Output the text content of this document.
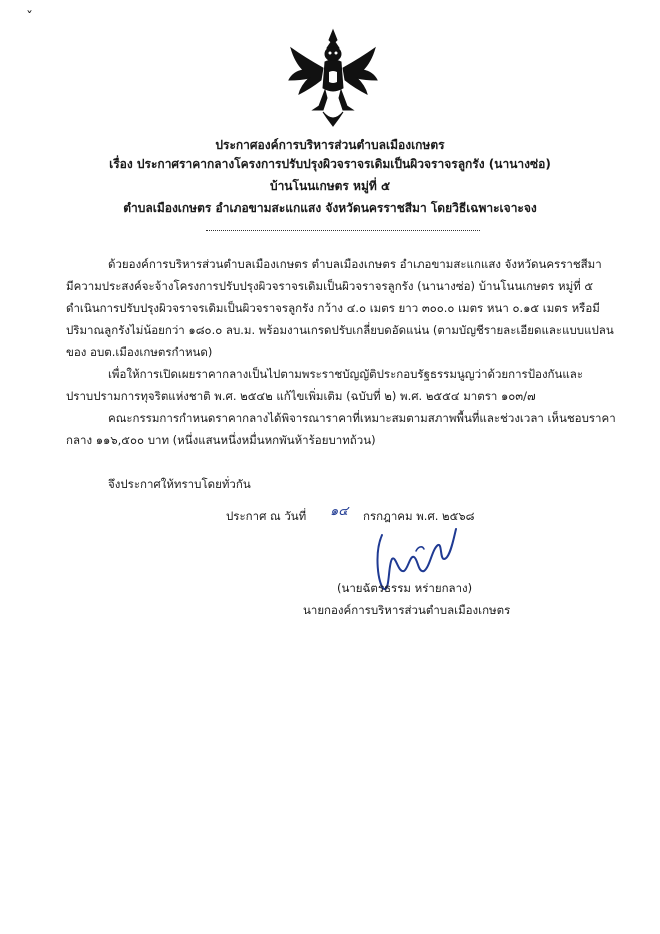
ˇ
ประกาศองค์การบริหารส่วนตำบลเมืองเกษตร
เรื่อง ประกาศราคากลางโครงการปรับปรุงผิวจราจรเดิมเป็นผิวจราจรลูกรัง (นานางซ่อ)
บ้านโนนเกษตร หมู่ที่ ๕
ตำบลเมืองเกษตร อำเภอขามสะแกแสง จังหวัดนครราชสีมา โดยวิธีเฉพาะเจาะจง
ด้วยองค์การบริหารส่วนตำบลเมืองเกษตร ตำบลเมืองเกษตร อำเภอขามสะแกแสง จังหวัดนครราชสีมา
มีความประสงค์จะจ้างโครงการปรับปรุงผิวจราจรเดิมเป็นผิวจราจรลูกรัง (นานางซ่อ) บ้านโนนเกษตร หมู่ที่ ๕
ดำเนินการปรับปรุงผิวจราจรเดิมเป็นผิวจราจรลูกรัง กว้าง ๔.๐ เมตร ยาว ๓๐๐.๐ เมตร หนา ๐.๑๕ เมตร หรือมี
ปริมาณลูกรังไม่น้อยกว่า ๑๘๐.๐ ลบ.ม. พร้อมงานเกรดปรับเกลี่ยบดอัดแน่น (ตามบัญชีรายละเอียดและแบบแปลน
ของ อบต.เมืองเกษตรกำหนด)
เพื่อให้การเปิดเผยราคากลางเป็นไปตามพระราชบัญญัติประกอบรัฐธรรมนูญว่าด้วยการป้องกันและ
ปราบปรามการทุจริตแห่งชาติ พ.ศ. ๒๕๔๒ แก้ไขเพิ่มเติม (ฉบับที่ ๒) พ.ศ. ๒๕๕๔ มาตรา ๑๐๓/๗
คณะกรรมการกำหนดราคากลางได้พิจารณาราคาที่เหมาะสมตามสภาพพื้นที่และช่วงเวลา เห็นชอบราคา
กลาง ๑๑๖,๕๐๐ บาท (หนึ่งแสนหนึ่งหมื่นหกพันห้าร้อยบาทถ้วน)
จึงประกาศให้ทราบโดยทั่วกัน
ประกาศ ณ วันที่ ๑๔ กรกฎาคม พ.ศ. ๒๕๖๘
(นายฉัตรธรรม หร่ายกลาง)
นายกองค์การบริหารส่วนตำบลเมืองเกษตร
